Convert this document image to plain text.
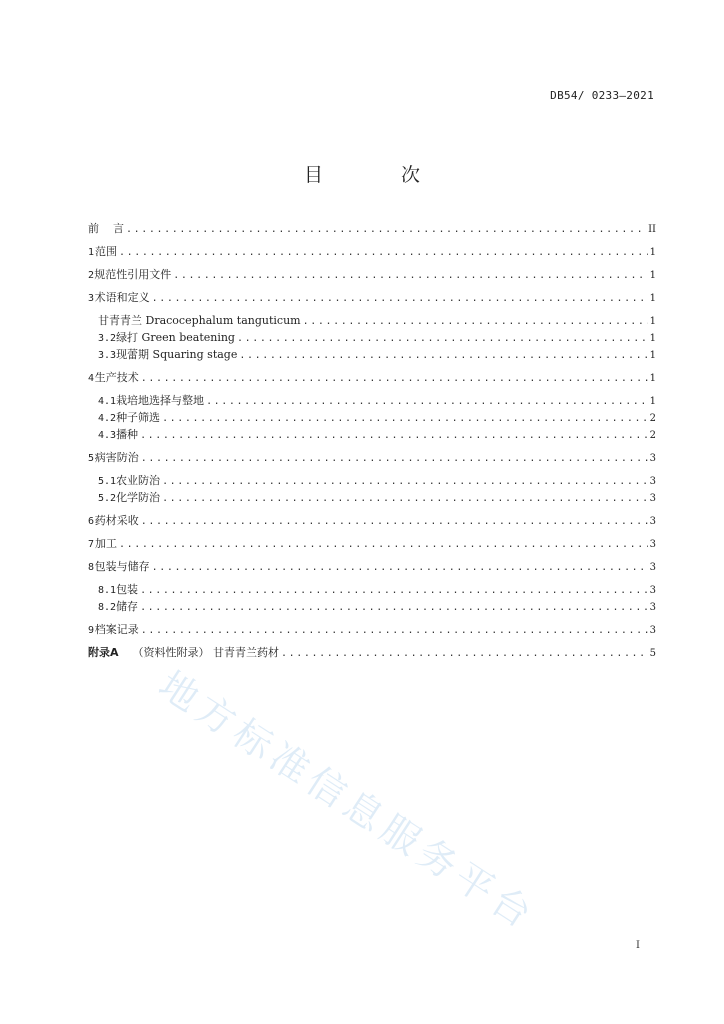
DB54/ 0233—2021
目 次
前    言 .....	II
1 范围 .....	1
2 规范性引用文件 .....	1
3 术语和定义 .....	1
甘青青兰 Dracocephalum tanguticum .....	1
3.2 绿打 Green beatening .....	1
3.3 现蕾期 Squaring stage .....	1
4 生产技术 .....	1
4.1 栽培地选择与整地 .....	1
4.2 种子筛选 .....	2
4.3 播种 .....	2
5 病害防治 .....	3
5.1 农业防治 .....	3
5.2 化学防治 .....	3
6 药材采收 .....	3
7 加工 .....	3
8 包装与储存 .....	3
8.1 包装 .....	3
8.2 储存 .....	3
9 档案记录 .....	3
附录A （资料性附录） 甘青青兰药材 .....	5
地方标准信息服务平台
I
